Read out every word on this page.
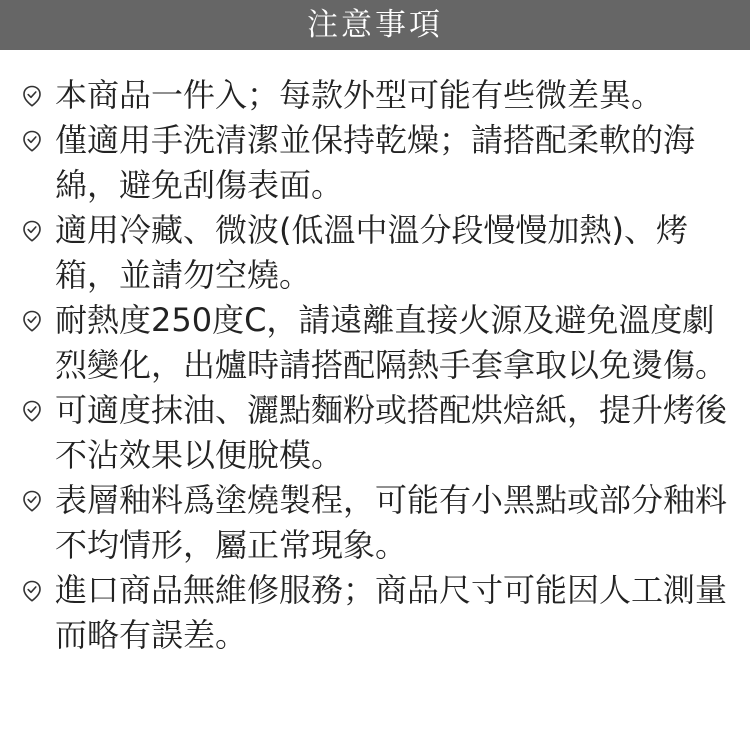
注意事項
本商品一件入；每款外型可能有些微差異。
僅適用手洗清潔並保持乾燥；請搭配柔軟的海綿，避免刮傷表面。
適用冷藏、微波(低溫中溫分段慢慢加熱)、烤箱，並請勿空燒。
耐熱度250度C，請遠離直接火源及避免溫度劇烈變化，出爐時請搭配隔熱手套拿取以免燙傷。
可適度抹油、灑點麵粉或搭配烘焙紙，提升烤後不沾效果以便脫模。
表層釉料爲塗燒製程，可能有小黑點或部分釉料不均情形，屬正常現象。
進口商品無維修服務；商品尺寸可能因人工測量而略有誤差。
